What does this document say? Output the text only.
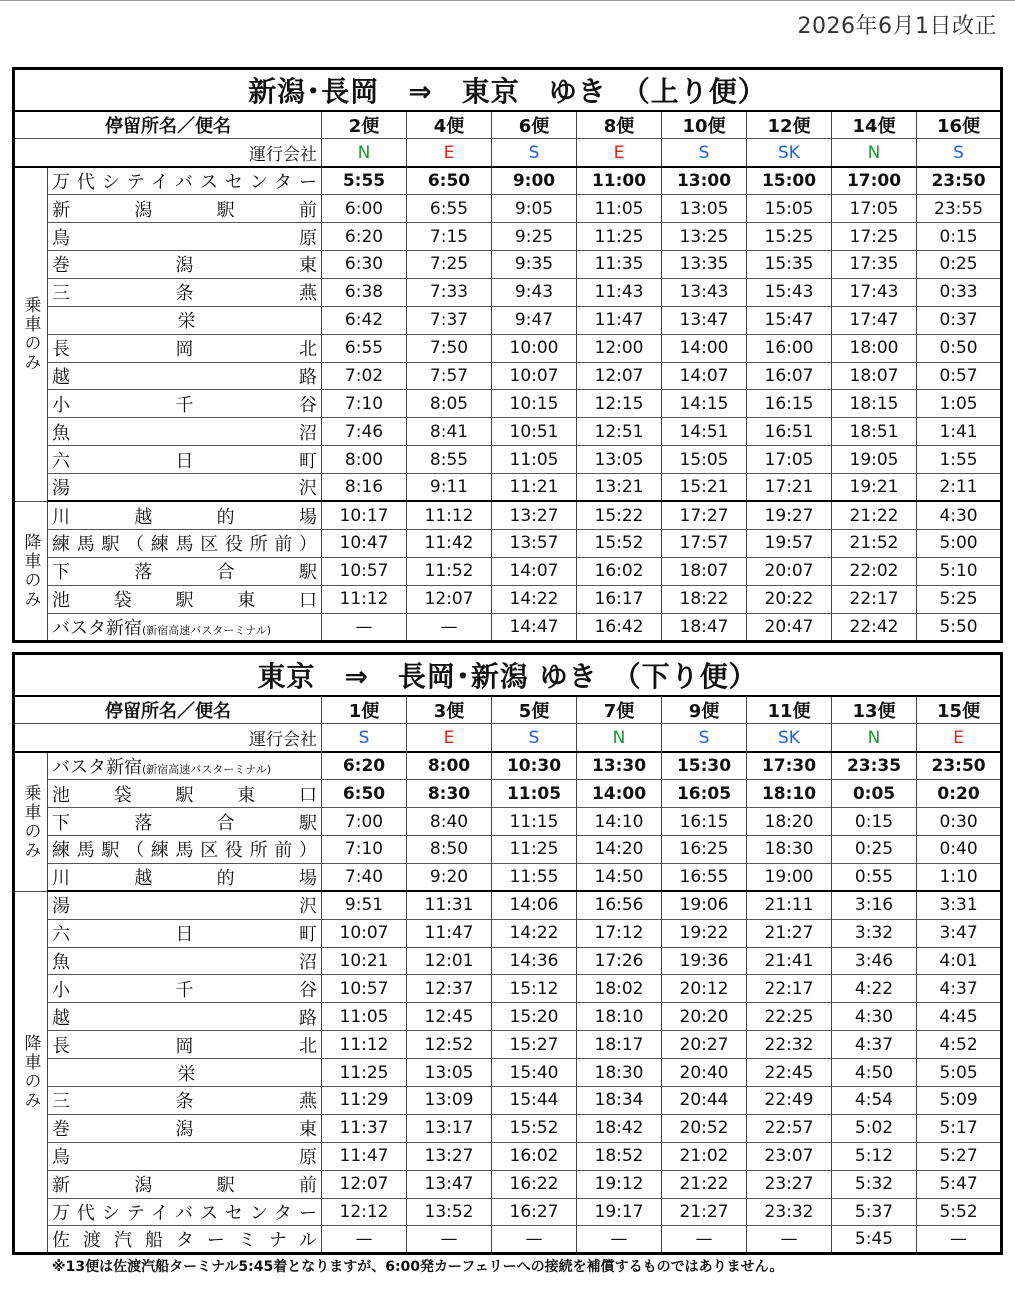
2026年6月1日改正
新潟･長岡　⇒　東京　ゆき　（上り便）									
停留所名／便名		2便	4便	6便	8便	10便	12便	14便	16便
運行会社		N	E	S	E	S	SK	N	S
乗車のみ	万代シテイバスセンター	5:55	6:50	9:00	11:00	13:00	15:00	17:00	23:50
	新潟駅前	6:00	6:55	9:05	11:05	13:05	15:05	17:05	23:55
	鳥原	6:20	7:15	9:25	11:25	13:25	15:25	17:25	0:15
	巻潟東	6:30	7:25	9:35	11:35	13:35	15:35	17:35	0:25
	三条燕	6:38	7:33	9:43	11:43	13:43	15:43	17:43	0:33
	栄	6:42	7:37	9:47	11:47	13:47	15:47	17:47	0:37
	長岡北	6:55	7:50	10:00	12:00	14:00	16:00	18:00	0:50
	越路	7:02	7:57	10:07	12:07	14:07	16:07	18:07	0:57
	小千谷	7:10	8:05	10:15	12:15	14:15	16:15	18:15	1:05
	魚沼	7:46	8:41	10:51	12:51	14:51	16:51	18:51	1:41
	六日町	8:00	8:55	11:05	13:05	15:05	17:05	19:05	1:55
	湯沢	8:16	9:11	11:21	13:21	15:21	17:21	19:21	2:11
降車のみ	川越的場	10:17	11:12	13:27	15:22	17:27	19:27	21:22	4:30
	練馬駅（練馬区役所前）	10:47	11:42	13:57	15:52	17:57	19:57	21:52	5:00
	下落合駅	10:57	11:52	14:07	16:02	18:07	20:07	22:02	5:10
	池袋駅東口	11:12	12:07	14:22	16:17	18:22	20:22	22:17	5:25
	バスタ新宿(新宿高速バスターミナル)	—	—	14:47	16:42	18:47	20:47	22:42	5:50
東京　⇒　長岡･新潟 ゆき　（下り便）									
停留所名／便名		1便	3便	5便	7便	9便	11便	13便	15便
運行会社		S	E	S	N	S	SK	N	E
乗車のみ	バスタ新宿(新宿高速バスターミナル)	6:20	8:00	10:30	13:30	15:30	17:30	23:35	23:50
	池袋駅東口	6:50	8:30	11:05	14:00	16:05	18:10	0:05	0:20
	下落合駅	7:00	8:40	11:15	14:10	16:15	18:20	0:15	0:30
	練馬駅（練馬区役所前）	7:10	8:50	11:25	14:20	16:25	18:30	0:25	0:40
	川越的場	7:40	9:20	11:55	14:50	16:55	19:00	0:55	1:10
降車のみ	湯沢	9:51	11:31	14:06	16:56	19:06	21:11	3:16	3:31
	六日町	10:07	11:47	14:22	17:12	19:22	21:27	3:32	3:47
	魚沼	10:21	12:01	14:36	17:26	19:36	21:41	3:46	4:01
	小千谷	10:57	12:37	15:12	18:02	20:12	22:17	4:22	4:37
	越路	11:05	12:45	15:20	18:10	20:20	22:25	4:30	4:45
	長岡北	11:12	12:52	15:27	18:17	20:27	22:32	4:37	4:52
	栄	11:25	13:05	15:40	18:30	20:40	22:45	4:50	5:05
	三条燕	11:29	13:09	15:44	18:34	20:44	22:49	4:54	5:09
	巻潟東	11:37	13:17	15:52	18:42	20:52	22:57	5:02	5:17
	鳥原	11:47	13:27	16:02	18:52	21:02	23:07	5:12	5:27
	新潟駅前	12:07	13:47	16:22	19:12	21:22	23:27	5:32	5:47
	万代シテイバスセンター	12:12	13:52	16:27	19:17	21:27	23:32	5:37	5:52
	佐渡汽船ターミナル	—	—	—	—	—	—	5:45	—
※13便は佐渡汽船ターミナル5:45着となりますが、6:00発カーフェリーへの接続を補償するものではありません。
